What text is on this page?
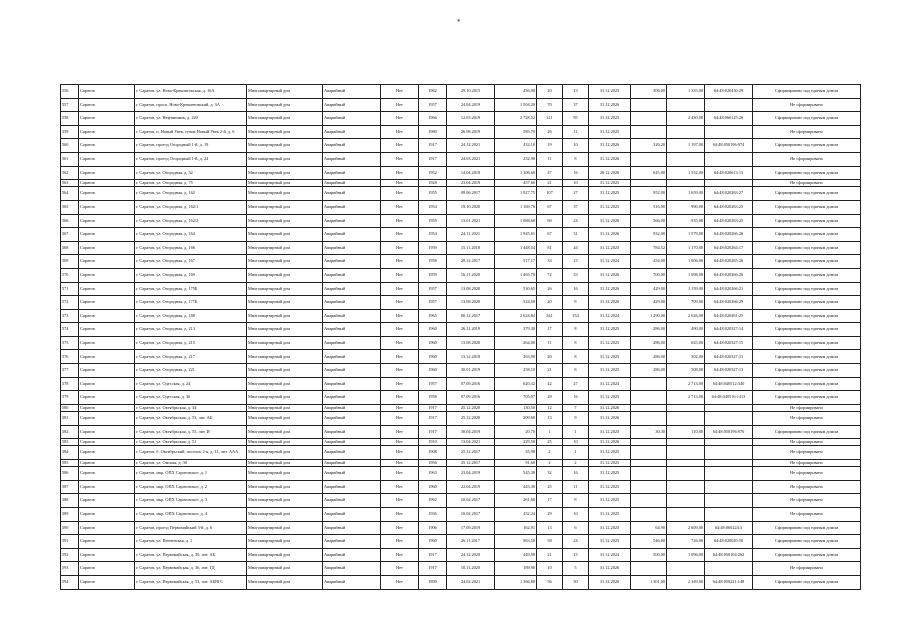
*
556	Саратов	г. Саратов, ул. Ново-Крекинговская, д. 16А	Многоквартирный дом	Аварийный	Нет	1962	29.10.2015	436,90	20	13	31.12.2025	306,00	1 335,00	64:48:020430:29	Сформировано под единым домом
557	Саратов	г. Саратов, просп. Ново-Крекинговский, д. 3А	Многоквартирный дом	Аварийный	Нет	1957	24.04.2019	1 504,20	70	37	31.12.2026				Не сформировано
558	Саратов	г. Саратов, ул. Нефтяников, д. 220	Многоквартирный дом	Аварийный	Нет	1966	12.03.2019	2 728,52	211	95	31.12.2025		2 430,00	64:48:060125:26	Сформировано под единым домом
559	Саратов	г. Саратов, п. Новый Увек, тупик Новый Увек 2-й, д. 6	Многоквартирный дом	Аварийный	Нет	1980	26.08.2019	585,70	26	11	31.12.2025				Не сформировано
560	Саратов	г. Саратов, проезд Огородный 1-й, д. 19	Многоквартирный дом	Аварийный	Нет	1917	24.12.2021	432,10	19	10	31.12.2026	326,20	1 197,00	64:48:050196:974	Сформировано под единым домом
561	Саратов	г. Саратов, проезд Огородный 1-й, д. 24	Многоквартирный дом	Аварийный	Нет	1917	24.03.2021	252,90	11	8	31.12.2026				Не сформировано
562	Саратов	г. Саратов, ул. Огородная, д. 32	Многоквартирный дом	Аварийный	Нет	1952	14.04.2018	1 106,60	47	16	28.12.2026	645,00	1 552,00	64:48:020613:13	Сформировано под единым домом
563	Саратов	г. Саратов, ул. Огородная, д. 75	Многоквартирный дом	Аварийный	Нет	1928	23.04.2019	457,60	21	10	31.12.2025				Не сформировано
564	Саратов	г. Саратов, ул. Огородная, д. 162	Многоквартирный дом	Аварийный	Нет	1955	09.06.2017	1 927,75	107	27	31.12.2025	952,00	1 659,00	64:48:020263:27	Сформировано под единым домом
565	Саратов	г. Саратов, ул. Огородная, д. 162/1	Многоквартирный дом	Аварийный	Нет	1954	19.10.2020	1 169,76	67	37	31.12.2025	516,00	990,00	64:48:020263:25	Сформировано под единым домом
566	Саратов	г. Саратов, ул. Огородная, д. 162/2	Многоквартирный дом	Аварийный	Нет	1955	13.01.2021	1 088,60	69	24	31.12.2026	566,00	935,00	64:48:020263:25	Сформировано под единым домом
567	Саратов	г. Саратов, ул. Огородная, д. 164	Многоквартирный дом	Аварийный	Нет	1954	24.11.2021	1 945,61	67	31	31.12.2026	932,00	1 579,00	64:48:020266:26	Сформировано под единым домом
568	Саратов	г. Саратов, ул. Огородная, д. 166	Многоквартирный дом	Аварийный	Нет	1959	15.11.2018	1 448,54	81	44	31.12.2025	784,52	1 170,00	64:48:020264:17	Сформировано под единым домом
569	Саратов	г. Саратов, ул. Огородная, д. 167	Многоквартирный дом	Аварийный	Нет	1958	28.12.2017	517,17	33	15	31.12.2024	454,00	1 006,00	64:48:020265:26	Сформировано под единым домом
570	Саратов	г. Саратов, ул. Огородная, д. 169	Многоквартирный дом	Аварийный	Нет	1959	16.11.2020	1 465,70	72	33	31.12.2026	700,00	1 098,00	64:48:020266:26	Сформировано под единым домом
571	Саратов	г. Саратов, ул. Огородная, д. 175Б	Многоквартирный дом	Аварийный	Нет	1957	13.08.2020	530,65	26	16	31.12.2026	429,00	1 159,00	64:48:020266:21	Сформировано под единым домом
572	Саратов	г. Саратов, ул. Огородная, д. 177Б	Многоквартирный дом	Аварийный	Нет	1957	13.08.2020	524,50	20	8	31.12.2026	429,00	709,00	64:48:020266:29	Сформировано под единым домом
573	Саратов	г. Саратов, ул. Огородная, д. 188	Многоквартирный дом	Аварийный	Нет	1965	06.12.2017	2 624,84	241	154	31.12.2024	1 290,00	2 626,00	64:48:020261:25	Сформировано под единым домом
574	Саратов	г. Саратов, ул. Огородная, д. 213	Многоквартирный дом	Аварийный	Нет	1960	26.11.2019	379,30	17	8	31.12.2025	286,00	490,00	64:48:020327:14	Сформировано под единым домом
575	Саратов	г. Саратов, ул. Огородная, д. 215	Многоквартирный дом	Аварийный	Нет	1960	13.08.2020	264,00	11	8	31.12.2025	286,00	645,00	64:48:020327:15	Сформировано под единым домом
576	Саратов	г. Саратов, ул. Огородная, д. 217	Многоквартирный дом	Аварийный	Нет	1960	13.12.2018	263,90	20	8	31.12.2025	286,00	502,00	64:48:020327:13	Сформировано под единым домом
577	Саратов	г. Саратов, ул. Огородная, д. 221	Многоквартирный дом	Аварийный	Нет	1960	30.01.2019	258,10	21	8	31.12.2025	286,00	508,00	64:48:020327:13	Сформировано под единым домом
578	Саратов	г. Саратов, ул. Одесская, д. 24	Многоквартирный дом	Аварийный	Нет	1957	07.09.2016	620,32	42	27	31.12.2024		2 713,00	64:48:040512:340	Сформировано под единым домом
579	Саратов	г. Саратов, ул. Одесская, д. 36	Многоквартирный дом	Аварийный	Нет	1958	07.09.2016	705,07	29	16	31.12.2025		2 713,00	64:48:040516:1413	Сформировано под единым домом
580	Саратов	г. Саратов, ул. Октябрьская, д. 34	Многоквартирный дом	Аварийный	Нет	1917	25.12.2020	130,50	12	7	31.12.2026				Не сформировано
581	Саратов	г. Саратов, ул. Октябрьская, д. 53, лит. АБ	Многоквартирный дом	Аварийный	Нет	1917	25.12.2020	209,60	13	9	31.12.2026				Не сформировано
582	Саратов	г. Саратов, ул. Октябрьская, д. 55, лит. И	Многоквартирный дом	Аварийный	Нет	1917	30.04.2019	20,70	1	1	31.12.2025	30,30	110,00	64:48:050196:976	Сформировано под единым домом
583	Саратов	г. Саратов, ул. Октябрьская, д. 51	Многоквартирный дом	Аварийный	Нет	1910	13.04.2021	229,50	25	10	31.12.2026				Не сформировано
584	Саратов	г. Саратов, б. Октябрьский, поселок 2-я, д. 11, лит. ААА	Многоквартирный дом	Аварийный	Нет	1908	25.12.2017	35,90	2	1	31.12.2025				Не сформировано
585	Саратов	г. Саратов, ул. Омская, д. 30	Многоквартирный дом	Аварийный	Нет	1956	25.12.2017	91,60	2	2	31.12.2025				Не сформировано
586	Саратов	г. Саратов, мкр. ОПХ Саратовское, д. 1	Многоквартирный дом	Аварийный	Нет	1963	23.04.2019	545,30	32	16	31.12.2025				Не сформировано
587	Саратов	г. Саратов, мкр. ОПХ Саратовское, д. 2	Многоквартирный дом	Аварийный	Нет	1960	22.04.2019	443,30	25	11	31.12.2025				Не сформировано
588	Саратов	г. Саратов, мкр. ОПХ Саратовское, д. 3	Многоквартирный дом	Аварийный	Нет	1962	10.02.2017	261,60	17	8	31.12.2025				Не сформировано
589	Саратов	г. Саратов, мкр. ОПХ Саратовское, д. 4	Многоквартирный дом	Аварийный	Нет	1936	10.02.2017	432,24	29	10	31.12.2025				Не сформировано
590	Саратов	г. Саратов, проезд Первомайский 3-й, д. 6	Многоквартирный дом	Аварийный	Нет	1906	17.09.2019	162,91	13	6	31.12.2025	64,90	2 609,00	64:48:060224:3	Сформировано под единым домом
591	Саратов	г. Саратов, ул. Пензенская, д. 1	Многоквартирный дом	Аварийный	Нет	1960	26.11.2017	963,50	58	24	31.12.2025	546,00	726,00	64:48:020020:50	Сформировано под единым домом
592	Саратов	г. Саратов, ул. Первомайская, д. 30, лит. АБ	Многоквартирный дом	Аварийный	Нет	1917	24.12.2020	449,90	21	15	31.12.2024	500,00	1 096,00	64:48:050104:262	Сформировано под единым домом
593	Саратов	г. Саратов, ул. Первомайская, д. 36, лит. ГД	Многоквартирный дом	Аварийный	Нет	1917	10.11.2020	189,90	10	5	31.12.2026				Не сформировано
594	Саратов	г. Саратов, ул. Первомайская, д. 53, лит. АБВГС	Многоквартирный дом	Аварийный	Нет	1890	24.02.2021	1 366,80	56	30	31.12.2026	1 301,00	2 349,00	64:48:050221:148	Сформировано под единым домом
